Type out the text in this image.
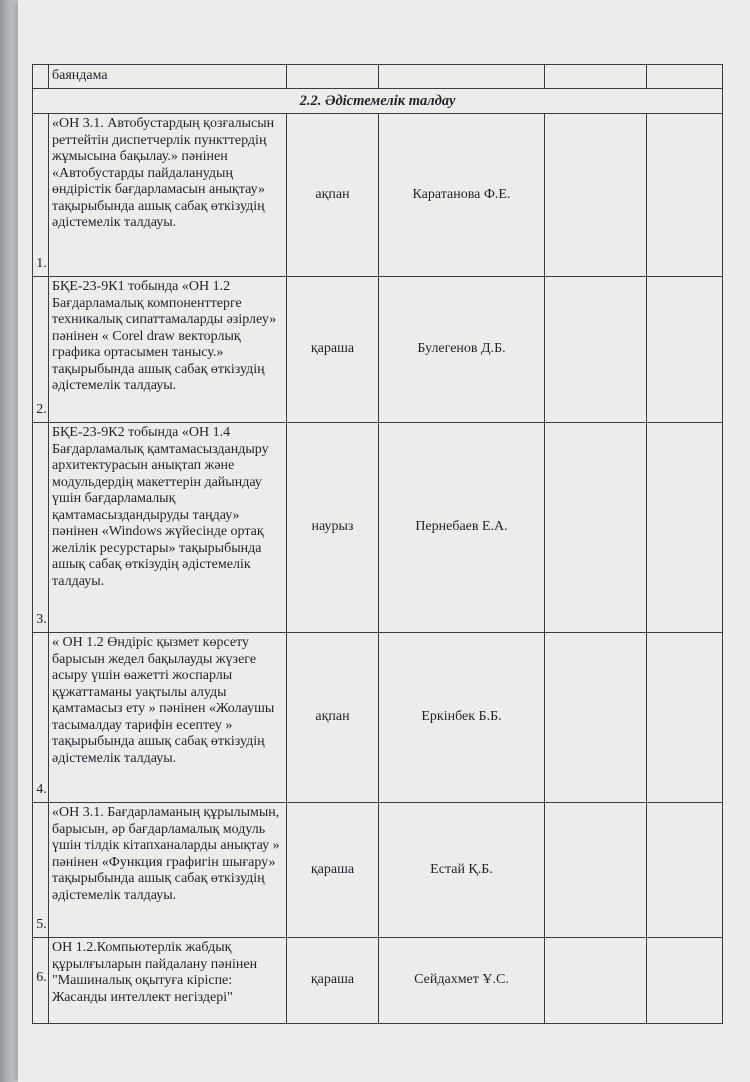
	баяндама				
2.2. Әдістемелік талдау					
1.	«ОН 3.1. Автобустардың қозғалысын реттейтін диспетчерлік пункттердің жұмысына бақылау.» пәнінен «Автобустарды пайдаланудың өндірістік бағдарламасын анықтау» тақырыбында ашық сабақ өткізудің әдістемелік талдауы.	ақпан	Каратанова Ф.Е.		
2.	БҚЕ-23-9К1 тобында «ОН 1.2 Бағдарламалық компоненттерге техникалық сипаттамаларды әзірлеу» пәнінен « Corel draw векторлық графика ортасымен танысу.» тақырыбында ашық сабақ өткізудің әдістемелік талдауы.	қараша	Булегенов Д.Б.		
3.	БҚЕ-23-9К2 тобында «ОН 1.4 Бағдарламалық қамтамасыздандыру архитектурасын анықтап және модульдердің макеттерін дайындау үшін бағдарламалық қамтамасыздандыруды таңдау» пәнінен «Windows жүйесінде ортақ желілік ресурстары» тақырыбында ашық сабақ өткізудің әдістемелік талдауы.	наурыз	Пернебаев Е.А.		
4.	« ОН 1.2 Өндіріс қызмет көрсету барысын жедел бақылауды жүзеге асыру үшін өажетті жоспарлы құжаттаманы уақтылы алуды қамтамасыз ету » пәнінен «Жолаушы тасымалдау тарифін есептеу » тақырыбында ашық сабақ өткізудің әдістемелік талдауы.	ақпан	Еркінбек Б.Б.		
5.	«ОН 3.1. Бағдарламаның құрылымын, барысын, әр бағдарламалық модуль үшін тілдік кітапханаларды анықтау » пәнінен «Функция графигін шығару» тақырыбында ашық сабақ өткізудің әдістемелік талдауы.	қараша	Естай Қ.Б.		
6.	ОН 1.2.Компьютерлік жабдық құрылғыларын пайдалану пәнінен "Машиналық оқытуға кіріспе: Жасанды интеллект негіздері"	қараша	Сейдахмет Ұ.С.		
